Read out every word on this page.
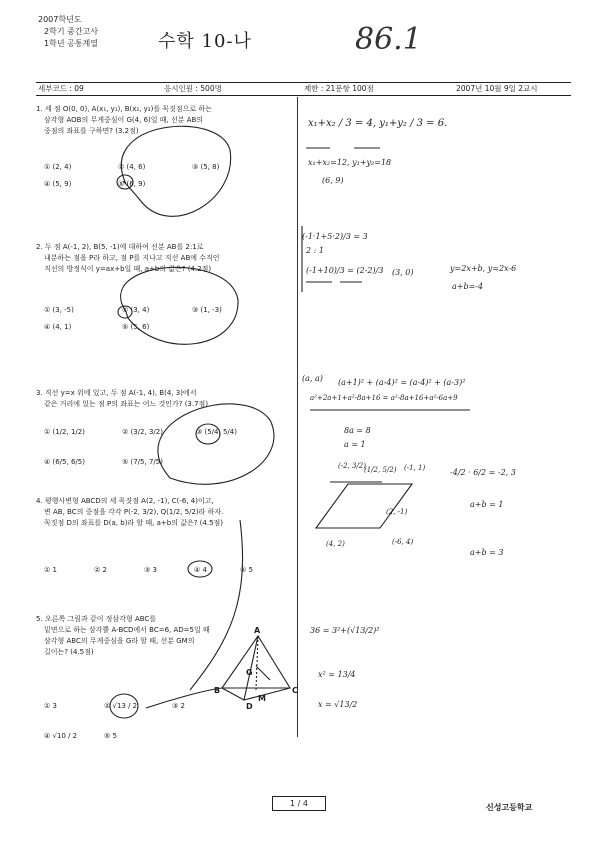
2007학년도
2학기 중간고사
1학년 공통계열	수학 10-나	86.1
세부코드 : 09	응시인원 : 500명	제한 : 21문항 100점	2007년 10월 9일 2교시
1. 세 점 O(0, 0), A(x₁, y₁), B(x₂, y₂)를 꼭짓점으로 하는
삼각형 AOB의 무게중심이 G(4, 6)일 때, 선분 AB의
중점의 좌표를 구하면? (3.2점)
① (2, 4)	② (4, 6)	③ (5, 8)
④ (5, 9)	⑤ (6, 9)
2. 두 점 A(-1, 2), B(5, -1)에 대하여 선분 AB를 2:1로
내분하는 점을 P라 하고, 점 P를 지나고 직선 AB에 수직인
직선의 방정식이 y=ax+b일 때, a+b의 값은? (4.2점)
① (3, -5)	② (3, 4)	③ (1, -3)
④ (4, 1)	⑤ (5, 6)
3. 직선 y=x 위에 있고, 두 점 A(-1, 4), B(4, 3)에서
같은 거리에 있는 점 P의 좌표는 어느 것인가? (3.7점)
① (1/2, 1/2)	② (3/2, 3/2)	③ (5/4, 5/4)
④ (6/5, 6/5)	⑤ (7/5, 7/5)
4. 평행사변형 ABCD의 세 꼭짓점 A(2, -1), C(-6, 4)이고,
변 AB, BC의 중점을 각각 P(-2, 3/2), Q(1/2, 5/2)라 하자.
꼭짓점 D의 좌표를 D(a, b)라 할 때, a+b의 값은? (4.5점)
① 1	② 2	③ 3	④ 4	⑤ 5
5. 오른쪽 그림과 같이 정삼각형 ABC를
밑면으로 하는 삼각뿔 A-BCD에서 BC=6, AD=5일 때
삼각형 ABC의 무게중심을 G라 할 때, 선분 GM의
길이는? (4.5점)
① 3	② √13 / 2	③ 2
④ √10 / 2	⑤ 5
x₁+x₂ / 3 = 4, y₁+y₂ / 3 = 6.
x₁+x₂=12, y₁+y₂=18
(6, 9)
(-1·1+5·2)/3 = 3
2 : 1
(-1+10)/3 = (2-2)/3 (3, 0)	y=2x+b, y=2x-6
a+b=-4
(a, a) (a+1)² + (a-4)² = (a-4)² + (a-3)²
a²+2a+1+a²-8a+16 = a²-8a+16+a²-6a+9
8a = 8
a = 1
(-2, 3/2)
(1/2, 5/2) (-1, 1)
(2, -1)
(4, 2)	(-6, 4)
-4/2 · 6/2 = -2, 3
a+b = 1
a+b = 3
36 = 3²+(√13/2)²
x² = 13/4
x = √13/2
A
B	C
D
G
M
1 / 4	신성고등학교
